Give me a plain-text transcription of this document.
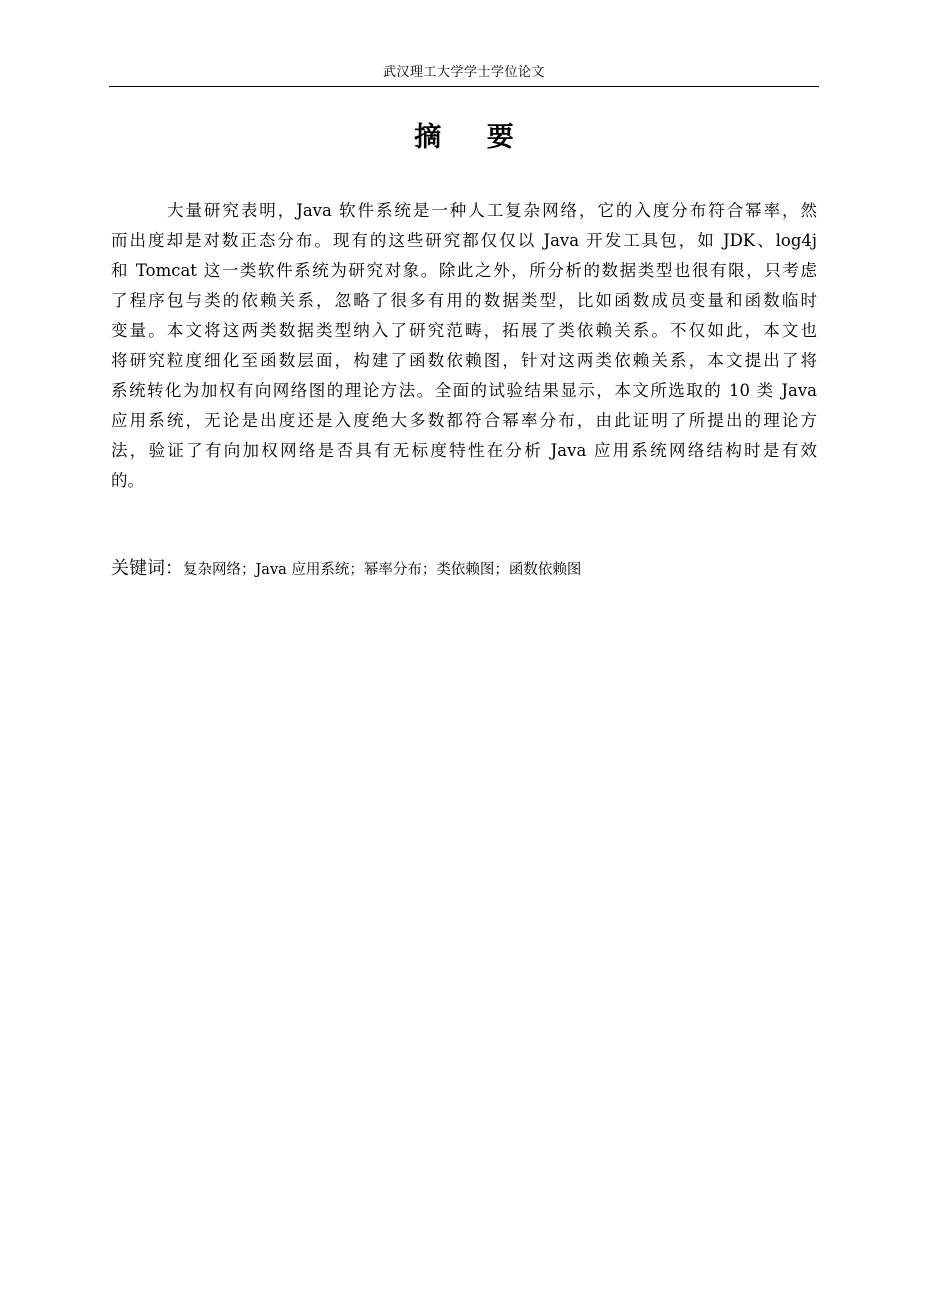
武汉理工大学学士学位论文
摘 要
大量研究表明，Java 软件系统是一种人工复杂网络，它的入度分布符合幂率，然
而出度却是对数正态分布。现有的这些研究都仅仅以 Java 开发工具包，如 JDK、log4j
和 Tomcat 这一类软件系统为研究对象。除此之外，所分析的数据类型也很有限，只考虑
了程序包与类的依赖关系，忽略了很多有用的数据类型，比如函数成员变量和函数临时
变量。本文将这两类数据类型纳入了研究范畴，拓展了类依赖关系。不仅如此，本文也
将研究粒度细化至函数层面，构建了函数依赖图，针对这两类依赖关系，本文提出了将
系统转化为加权有向网络图的理论方法。全面的试验结果显示，本文所选取的 10 类 Java
应用系统，无论是出度还是入度绝大多数都符合幂率分布，由此证明了所提出的理论方
法，验证了有向加权网络是否具有无标度特性在分析 Java 应用系统网络结构时是有效
的。
关键词：复杂网络；Java 应用系统；幂率分布；类依赖图；函数依赖图
